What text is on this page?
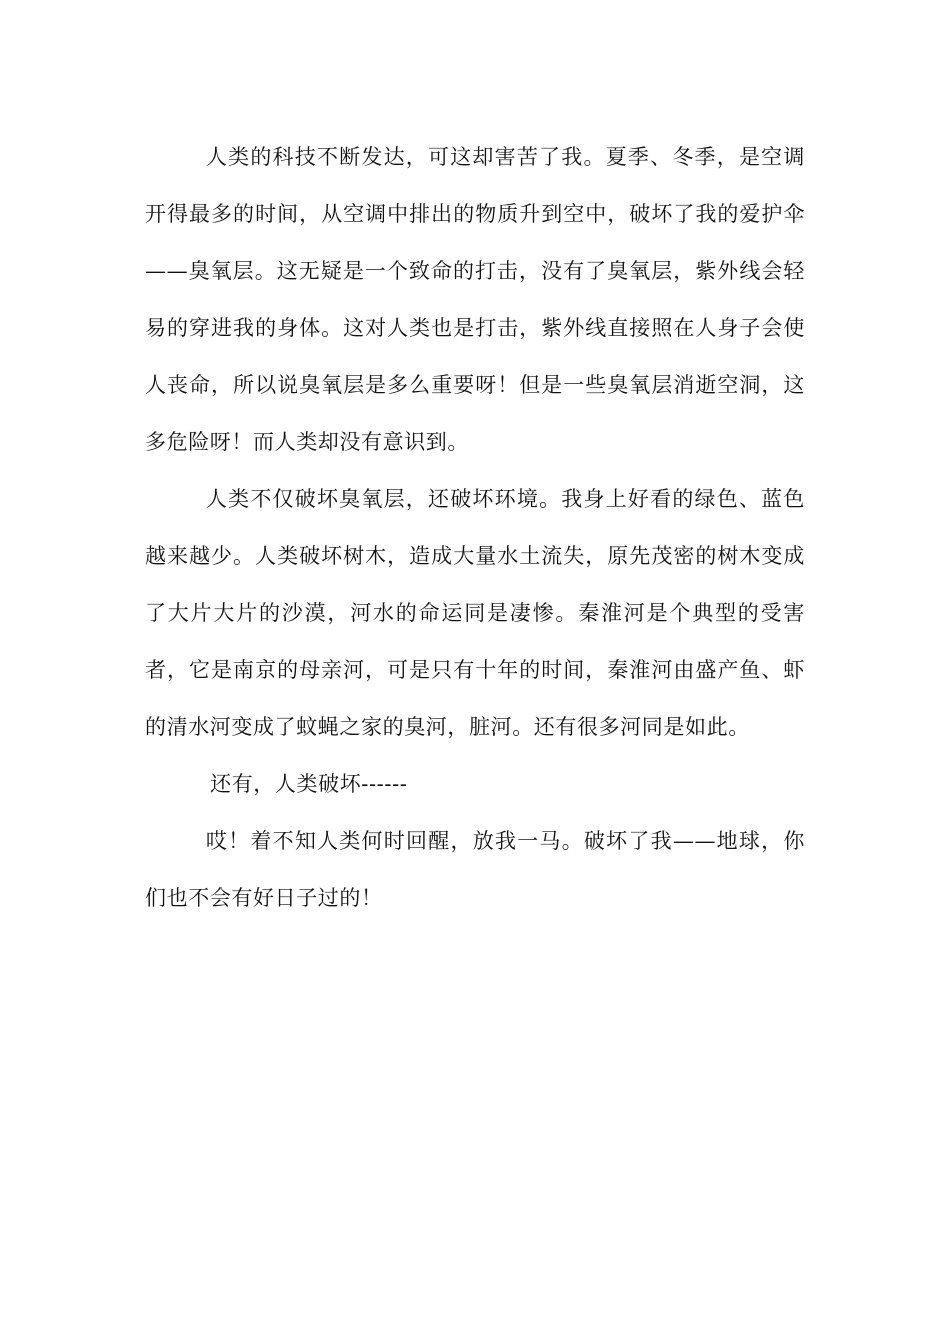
人类的科技不断发达，可这却害苦了我。夏季、冬季，是空调开得最多的时间，从空调中排出的物质升到空中，破坏了我的爱护伞——臭氧层。这无疑是一个致命的打击，没有了臭氧层，紫外线会轻易的穿进我的身体。这对人类也是打击，紫外线直接照在人身子会使人丧命，所以说臭氧层是多么重要呀！但是一些臭氧层消逝空洞，这多危险呀！而人类却没有意识到。

人类不仅破坏臭氧层，还破坏环境。我身上好看的绿色、蓝色越来越少。人类破坏树木，造成大量水土流失，原先茂密的树木变成了大片大片的沙漠，河水的命运同是凄惨。秦淮河是个典型的受害者，它是南京的母亲河，可是只有十年的时间，秦淮河由盛产鱼、虾的清水河变成了蚊蝇之家的臭河，脏河。还有很多河同是如此。

还有，人类破坏------

哎！着不知人类何时回醒，放我一马。破坏了我——地球，你们也不会有好日子过的！
